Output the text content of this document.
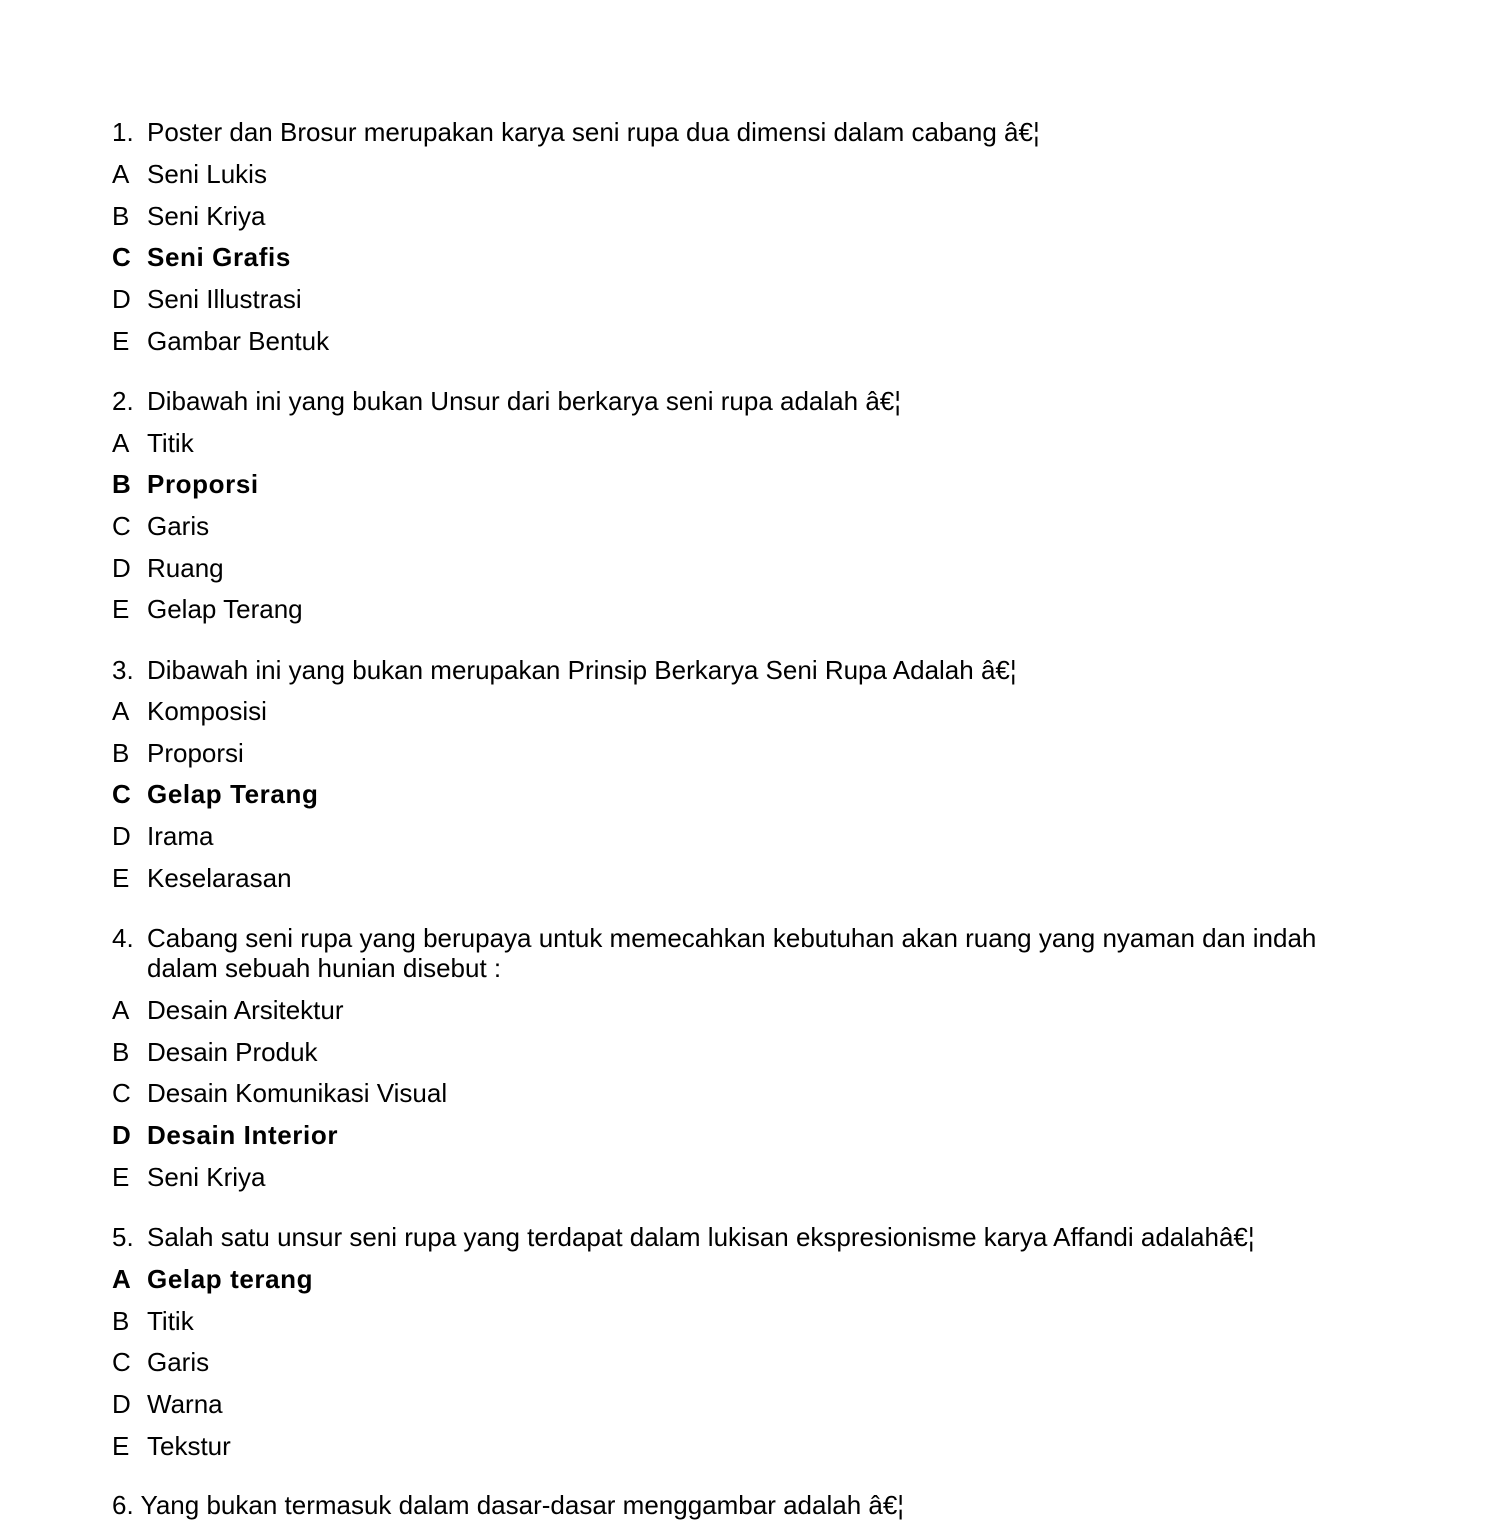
1. Poster dan Brosur merupakan karya seni rupa dua dimensi dalam cabang â€¦
A Seni Lukis
B Seni Kriya
C Seni Grafis
D Seni Illustrasi
E Gambar Bentuk
2. Dibawah ini yang bukan Unsur dari berkarya seni rupa adalah â€¦
A Titik
B Proporsi
C Garis
D Ruang
E Gelap Terang
3. Dibawah ini yang bukan merupakan Prinsip Berkarya Seni Rupa Adalah â€¦
A Komposisi
B Proporsi
C Gelap Terang
D Irama
E Keselarasan
4. Cabang seni rupa yang berupaya untuk memecahkan kebutuhan akan ruang yang nyaman dan indah dalam sebuah hunian disebut :
A Desain Arsitektur
B Desain Produk
C Desain Komunikasi Visual
D Desain Interior
E Seni Kriya
5. Salah satu unsur seni rupa yang terdapat dalam lukisan ekspresionisme karya Affandi adalahâ€¦
A Gelap terang
B Titik
C Garis
D Warna
E Tekstur
6. Yang bukan termasuk dalam dasar-dasar menggambar adalah â€¦
